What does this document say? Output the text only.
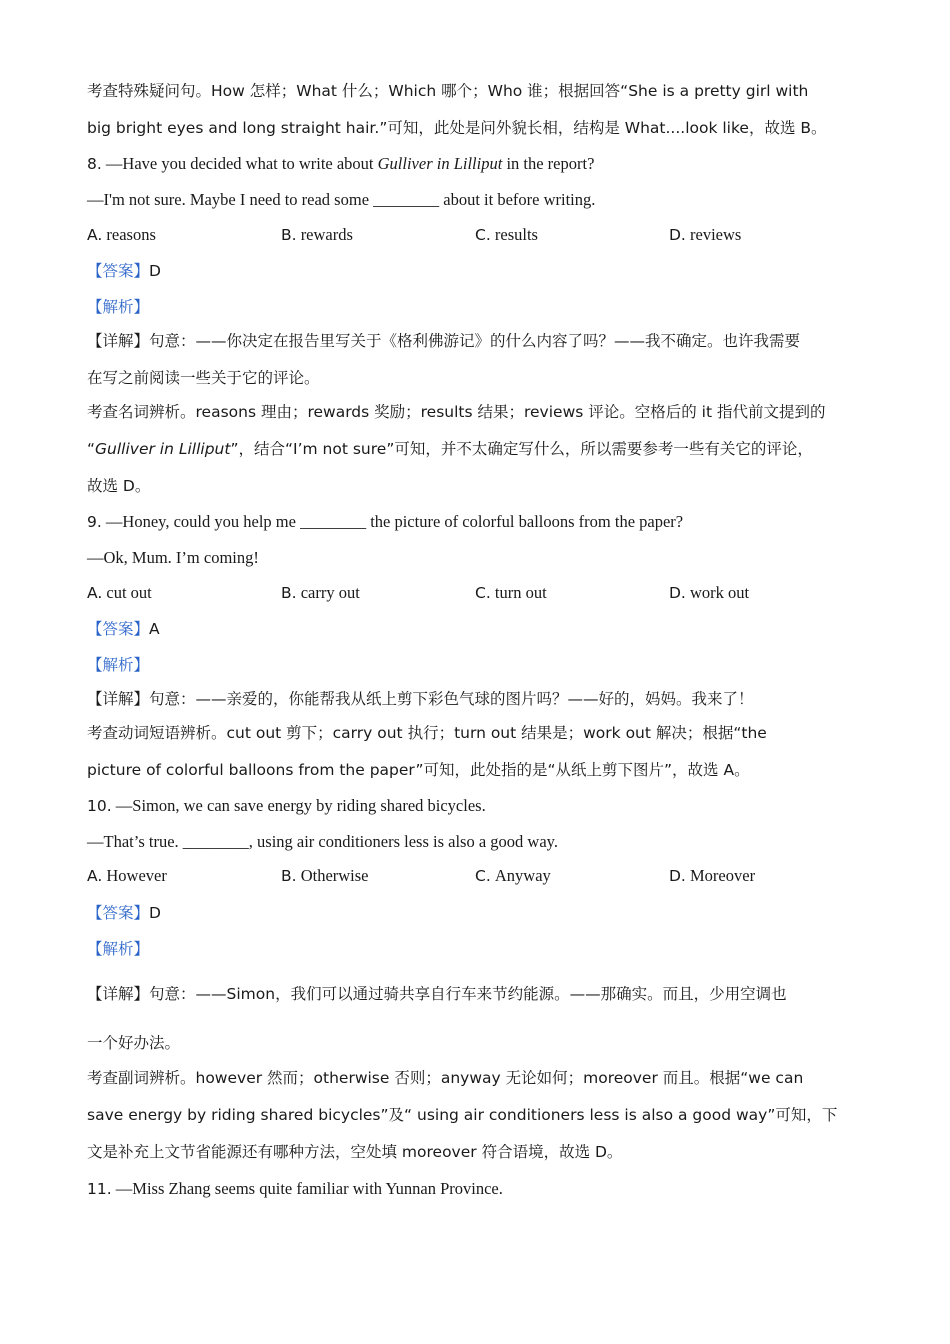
考查特殊疑问句。How 怎样；What 什么；Which 哪个；Who 谁；根据回答“She is a pretty girl with
big bright eyes and long straight hair.”可知，此处是问外貌长相，结构是 What....look like，故选 B。
8. —Have you decided what to write about Gulliver in Lilliput in the report?
—I'm not sure. Maybe I need to read some ________ about it before writing.
A. reasons	B. rewards	C. results	D. reviews
【答案】D
【解析】
【详解】句意：——你决定在报告里写关于《格利佛游记》的什么内容了吗？——我不确定。也许我需要
在写之前阅读一些关于它的评论。
考查名词辨析。reasons 理由；rewards 奖励；results 结果；reviews 评论。空格后的 it 指代前文提到的
“Gulliver in Lilliput”，结合“I’m not sure”可知，并不太确定写什么，所以需要参考一些有关它的评论，
故选 D。
9. —Honey, could you help me ________ the picture of colorful balloons from the paper?
—Ok, Mum. I’m coming!
A. cut out	B. carry out	C. turn out	D. work out
【答案】A
【解析】
【详解】句意：——亲爱的，你能帮我从纸上剪下彩色气球的图片吗？——好的，妈妈。我来了！
考查动词短语辨析。cut out 剪下；carry out 执行；turn out 结果是；work out 解决；根据“the
picture of colorful balloons from the paper”可知，此处指的是“从纸上剪下图片”，故选 A。
10. —Simon, we can save energy by riding shared bicycles.
—That’s true. ________, using air conditioners less is also a good way.
A. However	B. Otherwise	C. Anyway	D. Moreover
【答案】D
【解析】
【详解】句意：——Simon，我们可以通过骑共享自行车来节约能源。——那确实。而且，少用空调也
一个好办法。
考查副词辨析。however 然而；otherwise 否则；anyway 无论如何；moreover 而且。根据“we can
save energy by riding shared bicycles”及“ using air conditioners less is also a good way”可知，下
文是补充上文节省能源还有哪种方法，空处填 moreover 符合语境，故选 D。
11. —Miss Zhang seems quite familiar with Yunnan Province.
